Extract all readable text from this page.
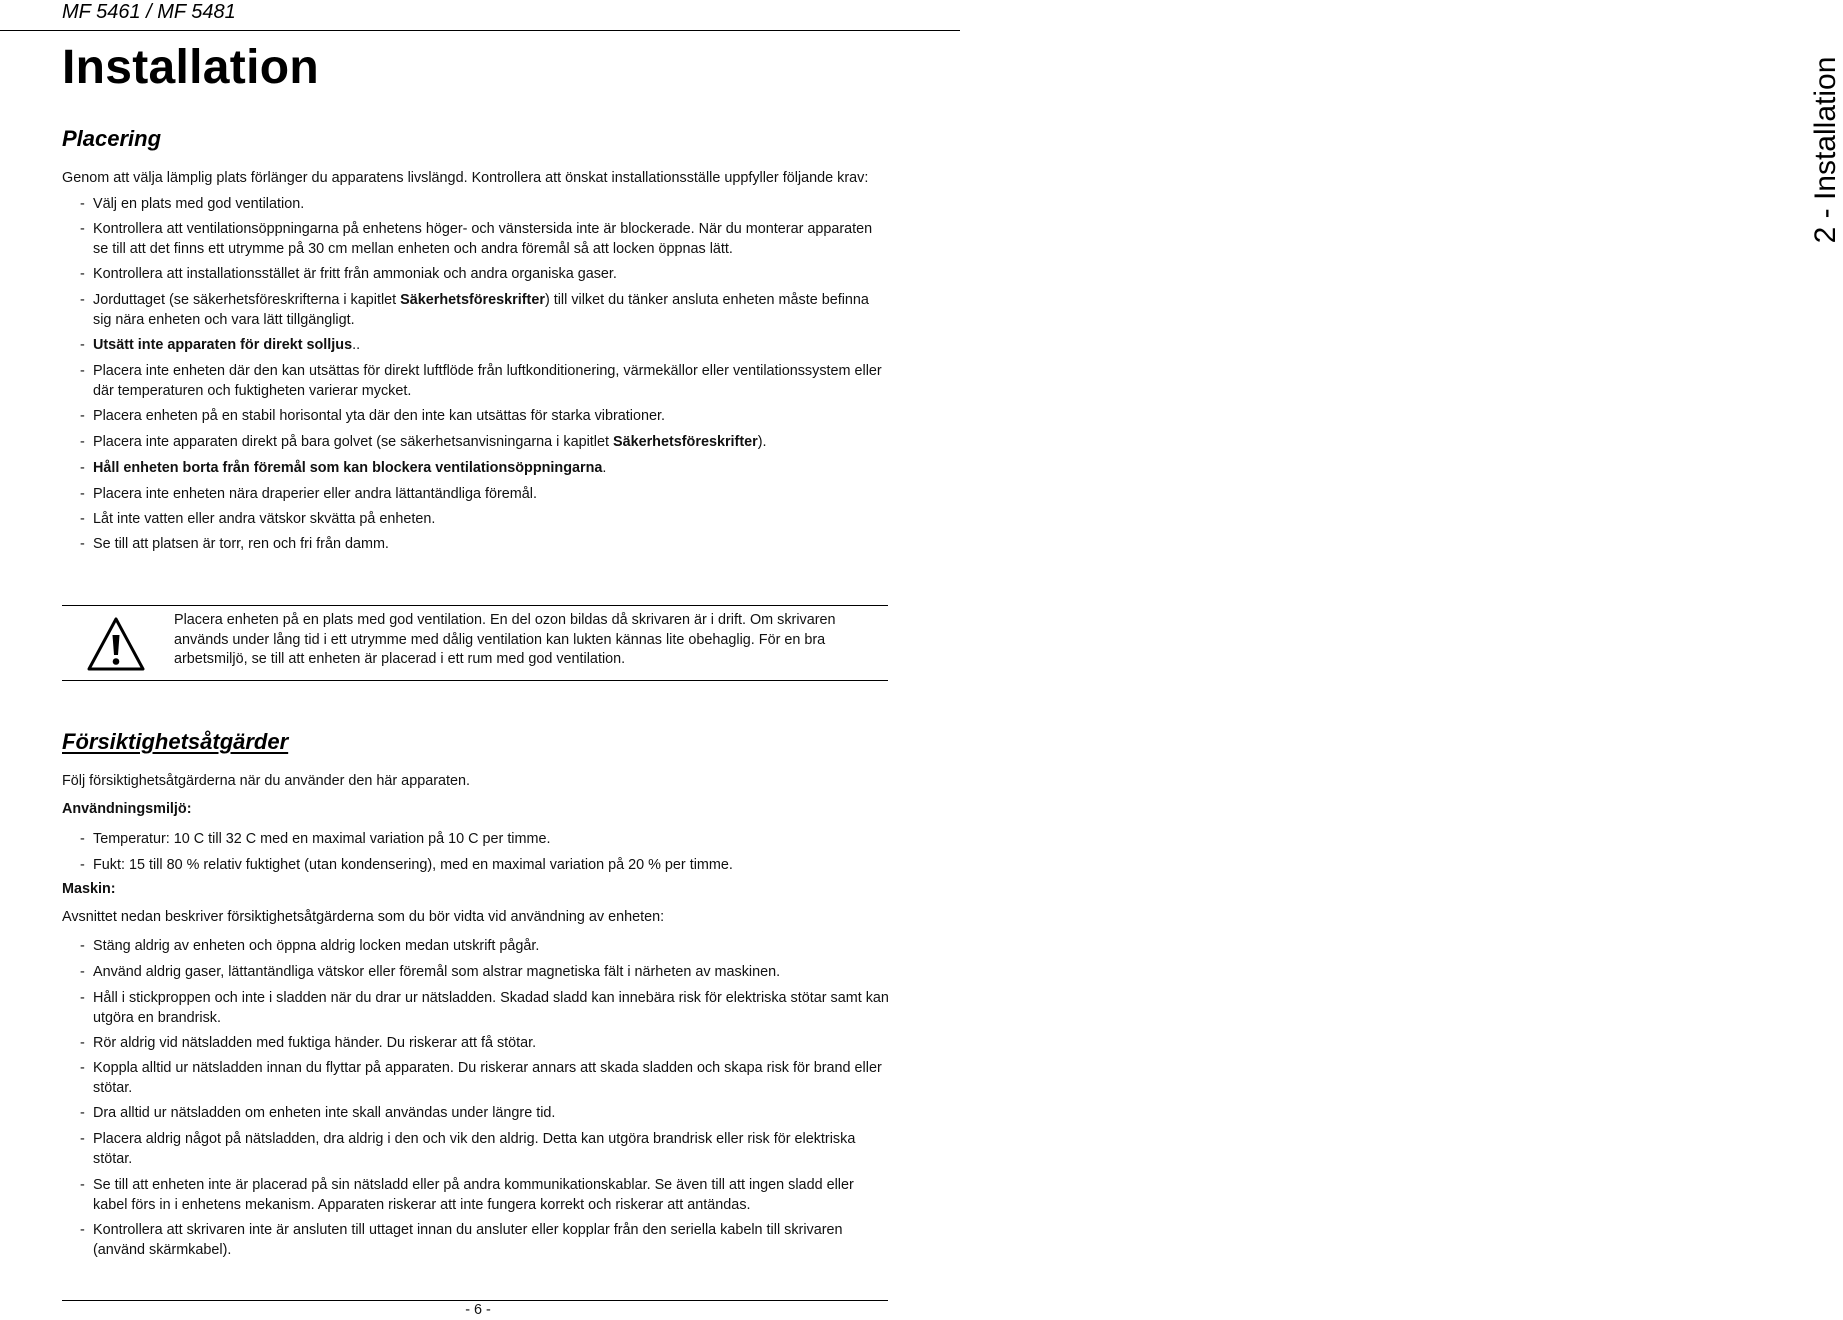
MF 5461 / MF 5481
Installation	2 - Installation
Placering

Genom att välja lämplig plats förlänger du apparatens livslängd. Kontrollera att önskat installationsställe uppfyller följande krav:

- Välj en plats med god ventilation.
- Kontrollera att ventilationsöppningarna på enhetens höger- och vänstersida inte är blockerade. När du monterar apparaten se till att det finns ett utrymme på 30 cm mellan enheten och andra föremål så att locken öppnas lätt.
- Kontrollera att installationsstället är fritt från ammoniak och andra organiska gaser.
- Jorduttaget (se säkerhetsföreskrifterna i kapitlet Säkerhetsföreskrifter) till vilket du tänker ansluta enheten måste befinna sig nära enheten och vara lätt tillgängligt.
- Utsätt inte apparaten för direkt solljus..
- Placera inte enheten där den kan utsättas för direkt luftflöde från luftkonditionering, värmekällor eller ventilationssystem eller där temperaturen och fuktigheten varierar mycket.
- Placera enheten på en stabil horisontal yta där den inte kan utsättas för starka vibrationer.
- Placera inte apparaten direkt på bara golvet (se säkerhetsanvisningarna i kapitlet Säkerhetsföreskrifter).
- Håll enheten borta från föremål som kan blockera ventilationsöppningarna.
- Placera inte enheten nära draperier eller andra lättantändliga föremål.
- Låt inte vatten eller andra vätskor skvätta på enheten.
- Se till att platsen är torr, ren och fri från damm.
Placera enheten på en plats med god ventilation. En del ozon bildas då skrivaren är i drift. Om skrivaren används under lång tid i ett utrymme med dålig ventilation kan lukten kännas lite obehaglig. För en bra arbetsmiljö, se till att enheten är placerad i ett rum med god ventilation.
Försiktighetsåtgärder

Följ försiktighetsåtgärderna när du använder den här apparaten.

Användningsmiljö:

- Temperatur: 10 C till 32 C med en maximal variation på 10 C per timme.
- Fukt: 15 till 80 % relativ fuktighet (utan kondensering), med en maximal variation på 20 % per timme.

Maskin:

Avsnittet nedan beskriver försiktighetsåtgärderna som du bör vidta vid användning av enheten:

- Stäng aldrig av enheten och öppna aldrig locken medan utskrift pågår.
- Använd aldrig gaser, lättantändliga vätskor eller föremål som alstrar magnetiska fält i närheten av maskinen.
- Håll i stickproppen och inte i sladden när du drar ur nätsladden. Skadad sladd kan innebära risk för elektriska stötar samt kan utgöra en brandrisk.
- Rör aldrig vid nätsladden med fuktiga händer. Du riskerar att få stötar.
- Koppla alltid ur nätsladden innan du flyttar på apparaten. Du riskerar annars att skada sladden och skapa risk för brand eller stötar.
- Dra alltid ur nätsladden om enheten inte skall användas under längre tid.
- Placera aldrig något på nätsladden, dra aldrig i den och vik den aldrig. Detta kan utgöra brandrisk eller risk för elektriska stötar.
- Se till att enheten inte är placerad på sin nätsladd eller på andra kommunikationskablar. Se även till att ingen sladd eller kabel förs in i enhetens mekanism. Apparaten riskerar att inte fungera korrekt och riskerar att antändas.
- Kontrollera att skrivaren inte är ansluten till uttaget innan du ansluter eller kopplar från den seriella kabeln till skrivaren (använd skärmkabel).
- 6 -
